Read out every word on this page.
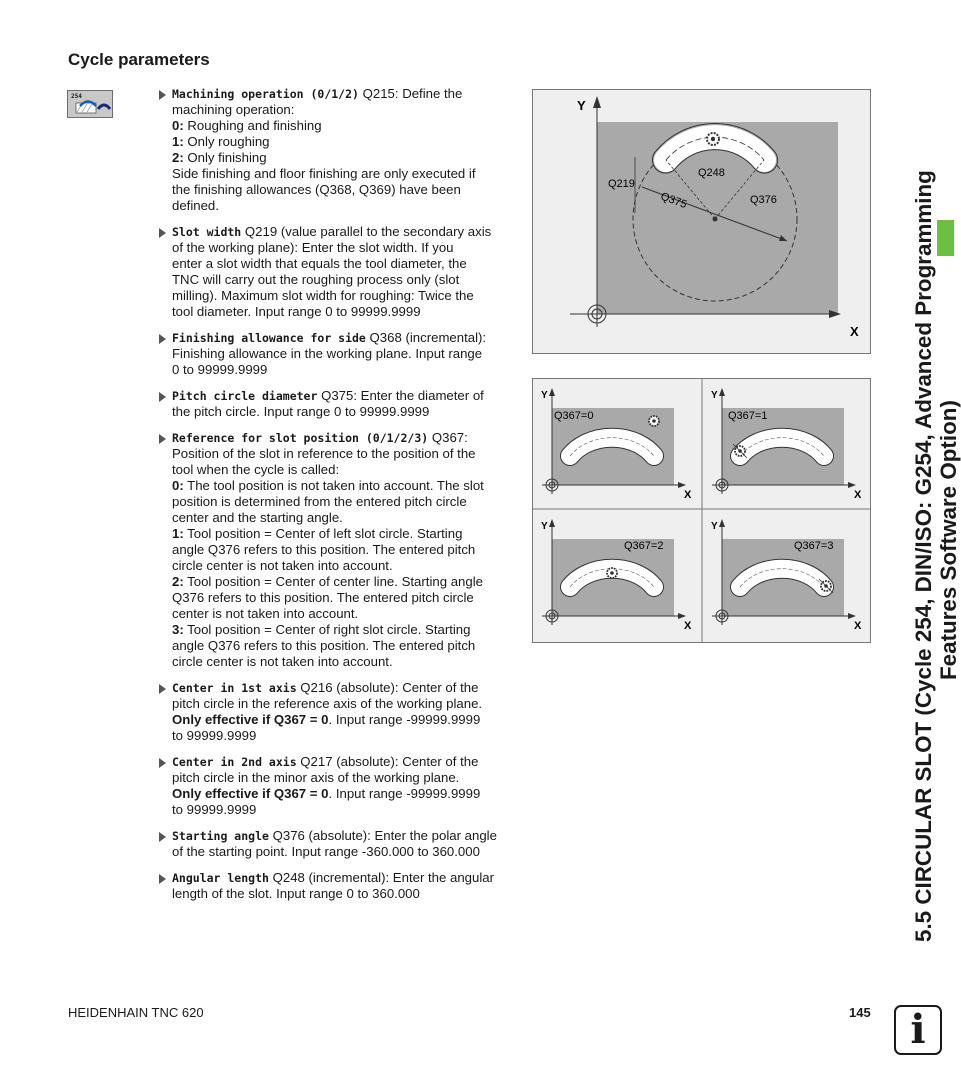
Cycle parameters
254	Machining operation (0/1/2) Q215: Define the
machining operation:
0: Roughing and finishing
1: Only roughing
2: Only finishing
Side finishing and floor finishing are only executed if
the finishing allowances (Q368, Q369) have been
defined.
Slot width Q219 (value parallel to the secondary axis
of the working plane): Enter the slot width. If you
enter a slot width that equals the tool diameter, the
TNC will carry out the roughing process only (slot
milling). Maximum slot width for roughing: Twice the
tool diameter. Input range 0 to 99999.9999
Finishing allowance for side Q368 (incremental):
Finishing allowance in the working plane. Input range
0 to 99999.9999
Pitch circle diameter Q375: Enter the diameter of
the pitch circle. Input range 0 to 99999.9999
Reference for slot position (0/1/2/3) Q367:
Position of the slot in reference to the position of the
tool when the cycle is called:
0: The tool position is not taken into account. The slot
position is determined from the entered pitch circle
center and the starting angle.
1: Tool position = Center of left slot circle. Starting
angle Q376 refers to this position. The entered pitch
circle center is not taken into account.
2: Tool position = Center of center line. Starting angle
Q376 refers to this position. The entered pitch circle
center is not taken into account.
3: Tool position = Center of right slot circle. Starting
angle Q376 refers to this position. The entered pitch
circle center is not taken into account.
Center in 1st axis Q216 (absolute): Center of the
pitch circle in the reference axis of the working plane.
Only effective if Q367 = 0. Input range -99999.9999
to 99999.9999
Center in 2nd axis Q217 (absolute): Center of the
pitch circle in the minor axis of the working plane.
Only effective if Q367 = 0. Input range -99999.9999
to 99999.9999
Starting angle Q376 (absolute): Enter the polar angle
of the starting point. Input range -360.000 to 360.000
Angular length Q248 (incremental): Enter the angular
length of the slot. Input range 0 to 360.000
Y
X
Q219
Q248
Q375	Q376
Q367=0
Y
X
Q367=1
Y
X
Q367=2
Y
X
Q367=3
Y
X 5.5 CIRCULAR SLOT (Cycle 254, DIN/ISO: G254, Advanced Programming Features Software Option)
HEIDENHAIN TNC 620	145 i
